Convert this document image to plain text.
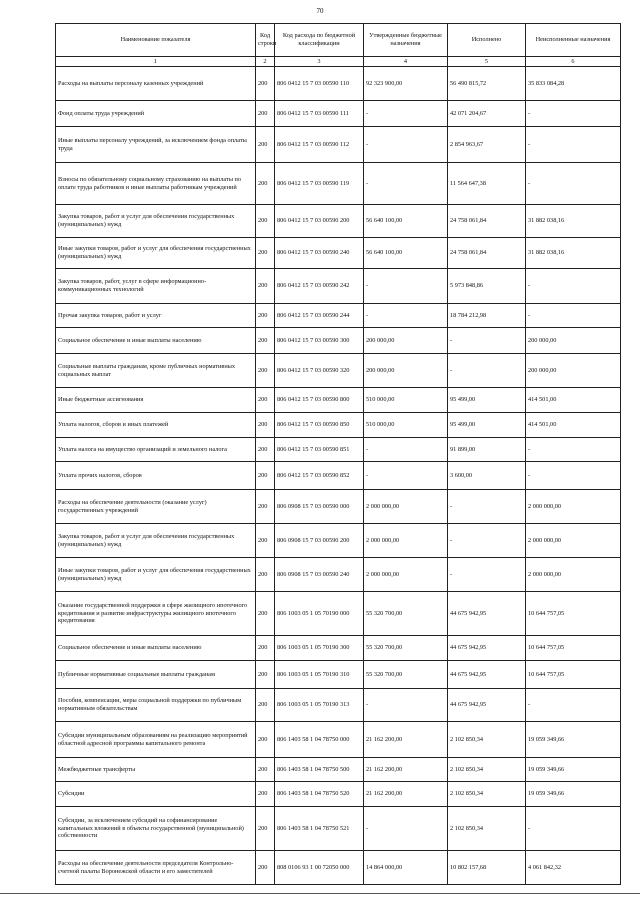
70
Наименование показателя	Код строки	Код расхода по бюджетной классификации	Утвержденные бюджетные назначения	Исполнено	Неисполненные назначения
1	2	3	4	5	6
Расходы на выплаты персоналу казенных учреждений	200	806 0412 15 7 03 00590 110	92 323 900,00	56 490 815,72	35 833 084,28
Фонд оплаты труда учреждений	200	806 0412 15 7 03 00590 111	-	42 071 204,67	-
Иные выплаты персоналу учреждений, за исключением фонда оплаты труда	200	806 0412 15 7 03 00590 112	-	2 854 963,67	-
Взносы по обязательному социальному страхованию на выплаты по оплате труда работников и иные выплаты работникам учреждений	200	806 0412 15 7 03 00590 119	-	11 564 647,38	-
Закупка товаров, работ и услуг для обеспечения государственных (муниципальных) нужд	200	806 0412 15 7 03 00590 200	56 640 100,00	24 758 061,84	31 882 038,16
Иные закупки товаров, работ и услуг для обеспечения государственных (муниципальных) нужд	200	806 0412 15 7 03 00590 240	56 640 100,00	24 758 061,84	31 882 038,16
Закупка товаров, работ, услуг в сфере информационно-коммуникационных технологий	200	806 0412 15 7 03 00590 242	-	5 973 848,86	-
Прочая закупка товаров, работ и услуг	200	806 0412 15 7 03 00590 244	-	18 784 212,98	-
Социальное обеспечение и иные выплаты населению	200	806 0412 15 7 03 00590 300	200 000,00	-	200 000,00
Социальные выплаты гражданам, кроме публичных нормативных социальных выплат	200	806 0412 15 7 03 00590 320	200 000,00	-	200 000,00
Иные бюджетные ассигнования	200	806 0412 15 7 03 00590 800	510 000,00	95 499,00	414 501,00
Уплата налогов, сборов и иных платежей	200	806 0412 15 7 03 00590 850	510 000,00	95 499,00	414 501,00
Уплата налога на имущество организаций и земельного налога	200	806 0412 15 7 03 00590 851	-	91 899,00	-
Уплата прочих налогов, сборов	200	806 0412 15 7 03 00590 852	-	3 600,00	-
Расходы на обеспечение деятельности (оказание услуг) государственных учреждений	200	806 0908 15 7 03 00590 000	2 000 000,00	-	2 000 000,00
Закупка товаров, работ и услуг для обеспечения государственных (муниципальных) нужд	200	806 0908 15 7 03 00590 200	2 000 000,00	-	2 000 000,00
Иные закупки товаров, работ и услуг для обеспечения государственных (муниципальных) нужд	200	806 0908 15 7 03 00590 240	2 000 000,00	-	2 000 000,00
Оказание государственной поддержки в сфере жилищного ипотечного кредитования и развитие инфраструктуры жилищного ипотечного кредитования	200	806 1003 05 1 05 70190 000	55 320 700,00	44 675 942,95	10 644 757,05
Социальное обеспечение и иные выплаты населению	200	806 1003 05 1 05 70190 300	55 320 700,00	44 675 942,95	10 644 757,05
Публичные нормативные социальные выплаты гражданам	200	806 1003 05 1 05 70190 310	55 320 700,00	44 675 942,95	10 644 757,05
Пособия, компенсации, меры социальной поддержки по публичным нормативным обязательствам	200	806 1003 05 1 05 70190 313	-	44 675 942,95	-
Субсидии муниципальным образованиям на реализацию мероприятий областной адресной программы капитального ремонта	200	806 1403 58 1 04 78750 000	21 162 200,00	2 102 850,34	19 059 349,66
Межбюджетные трансферты	200	806 1403 58 1 04 78750 500	21 162 200,00	2 102 850,34	19 059 349,66
Субсидии	200	806 1403 58 1 04 78750 520	21 162 200,00	2 102 850,34	19 059 349,66
Субсидии, за исключением субсидий на софинансирование капитальных вложений в объекты государственной (муниципальной) собственности	200	806 1403 58 1 04 78750 521	-	2 102 850,34	-
Расходы на обеспечение деятельности председателя Контрольно-счетной палаты Воронежской области и его заместителей	200	808 0106 93 1 00 72050 000	14 864 000,00	10 802 157,68	4 061 842,32
